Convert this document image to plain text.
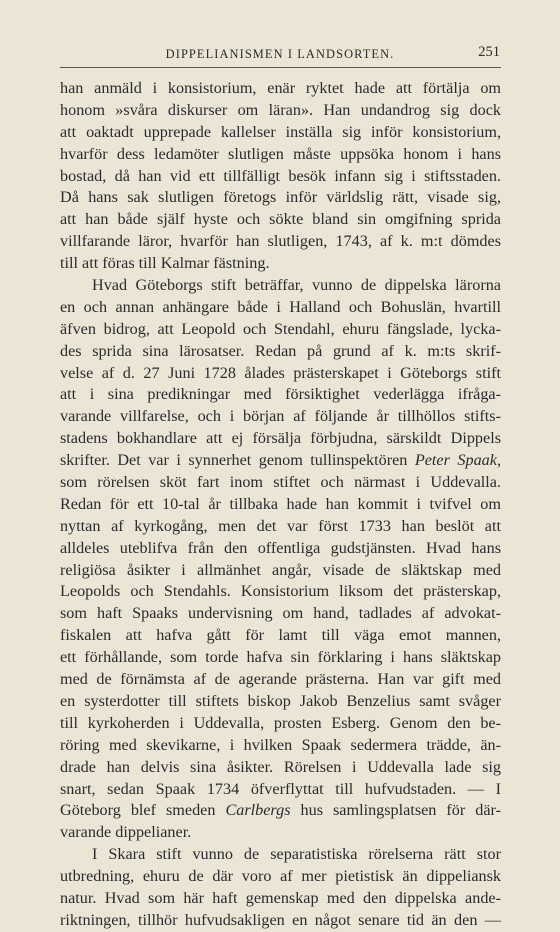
DIPPELIANISMEN I LANDSORTEN.	251
han anmäld i konsistorium, enär ryktet hade att förtälja om
honom »svåra diskurser om läran». Han undandrog sig dock
att oaktadt upprepade kallelser inställa sig inför konsistorium,
hvarför dess ledamöter slutligen måste uppsöka honom i hans
bostad, då han vid ett tillfälligt besök infann sig i stiftsstaden.
Då hans sak slutligen företogs inför världslig rätt, visade sig,
att han både själf hyste och sökte bland sin omgifning sprida
villfarande läror, hvarför han slutligen, 1743, af k. m:t dömdes
till att föras till Kalmar fästning.
Hvad Göteborgs stift beträffar, vunno de dippelska lärorna
en och annan anhängare både i Halland och Bohuslän, hvartill
äfven bidrog, att Leopold och Stendahl, ehuru fängslade, lycka-
des sprida sina lärosatser. Redan på grund af k. m:ts skrif-
velse af d. 27 Juni 1728 ålades prästerskapet i Göteborgs stift
att i sina predikningar med försiktighet vederlägga ifråga-
varande villfarelse, och i början af följande år tillhöllos stifts-
stadens bokhandlare att ej försälja förbjudna, särskildt Dippels
skrifter. Det var i synnerhet genom tullinspektören Peter Spaak,
som rörelsen sköt fart inom stiftet och närmast i Uddevalla.
Redan för ett 10-tal år tillbaka hade han kommit i tvifvel om
nyttan af kyrkogång, men det var först 1733 han beslöt att
alldeles uteblifva från den offentliga gudstjänsten. Hvad hans
religiösa åsikter i allmänhet angår, visade de släktskap med
Leopolds och Stendahls. Konsistorium liksom det prästerskap,
som haft Spaaks undervisning om hand, tadlades af advokat-
fiskalen att hafva gått för lamt till väga emot mannen,
ett förhållande, som torde hafva sin förklaring i hans släktskap
med de förnämsta af de agerande prästerna. Han var gift med
en systerdotter till stiftets biskop Jakob Benzelius samt svåger
till kyrkoherden i Uddevalla, prosten Esberg. Genom den be-
röring med skevikarne, i hvilken Spaak sedermera trädde, än-
drade han delvis sina åsikter. Rörelsen i Uddevalla lade sig
snart, sedan Spaak 1734 öfverflyttat till hufvudstaden. — I
Göteborg blef smeden Carlbergs hus samlingsplatsen för där-
varande dippelianer.
I Skara stift vunno de separatistiska rörelserna rätt stor
utbredning, ehuru de där voro af mer pietistisk än dippeliansk
natur. Hvad som här haft gemenskap med den dippelska ande-
riktningen, tillhör hufvudsakligen en något senare tid än den —
